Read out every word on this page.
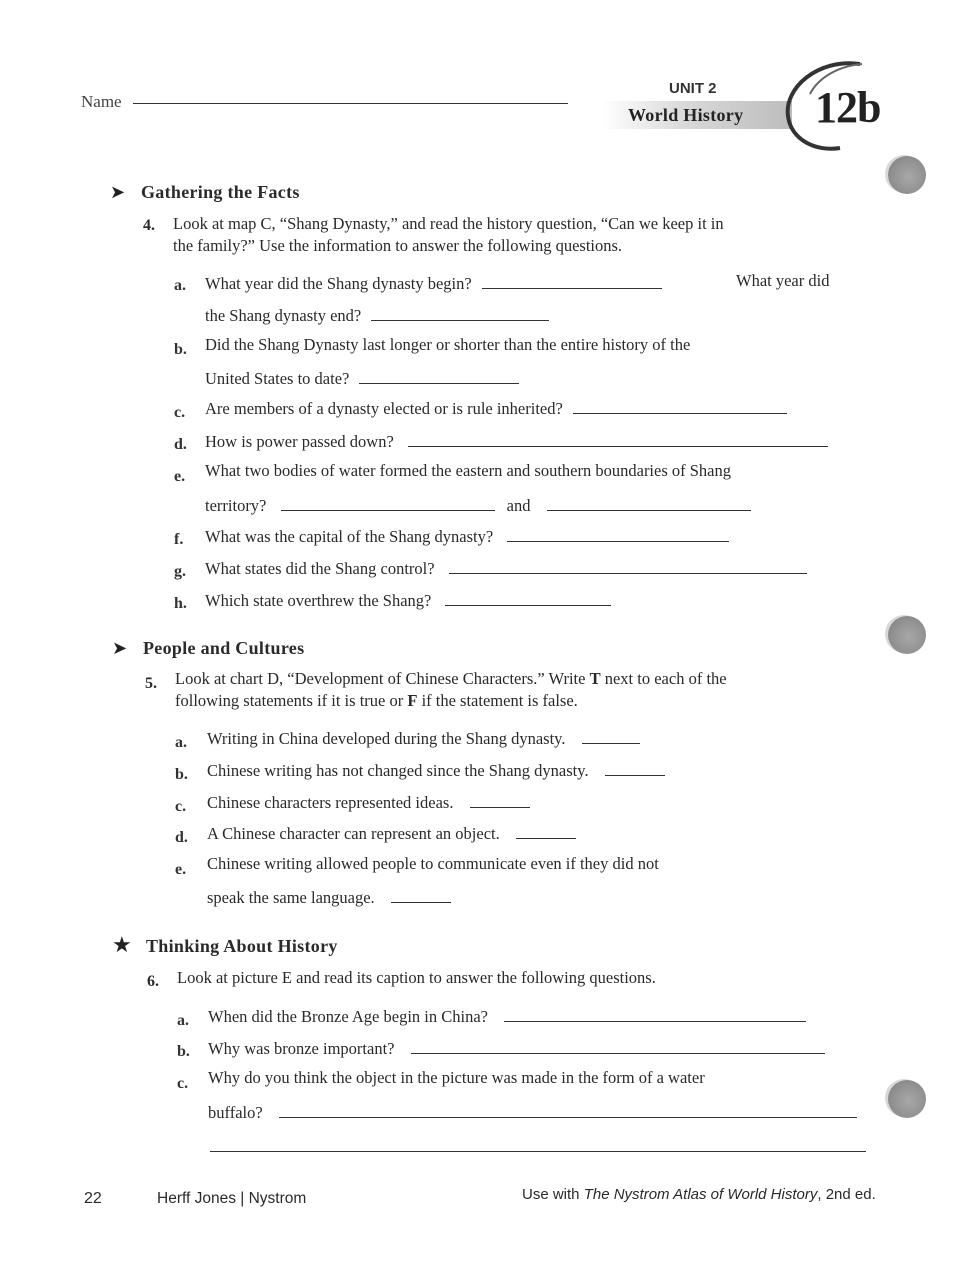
Name
UNIT 2
World History 12b
➤ Gathering the Facts
4. Look at map C, “Shang Dynasty,” and read the history question, “Can we keep it in
the family?” Use the information to answer the following questions.
a. What year did the Shang dynasty begin?	What year did
the Shang dynasty end?
b. Did the Shang Dynasty last longer or shorter than the entire history of the
United States to date?
c. Are members of a dynasty elected or is rule inherited?
d. How is power passed down?
e. What two bodies of water formed the eastern and southern boundaries of Shang
territory?	and
f. What was the capital of the Shang dynasty?
g. What states did the Shang control?
h. Which state overthrew the Shang?
➤ People and Cultures
5. Look at chart D, “Development of Chinese Characters.” Write T next to each of the
following statements if it is true or F if the statement is false.
a. Writing in China developed during the Shang dynasty.
b. Chinese writing has not changed since the Shang dynasty.
c. Chinese characters represented ideas.
d. A Chinese character can represent an object.
e. Chinese writing allowed people to communicate even if they did not
speak the same language.
★ Thinking About History
6. Look at picture E and read its caption to answer the following questions.
a. When did the Bronze Age begin in China?
b. Why was bronze important?
c. Why do you think the object in the picture was made in the form of a water
buffalo?
22	Herff Jones | Nystrom	Use with The Nystrom Atlas of World History, 2nd ed.
